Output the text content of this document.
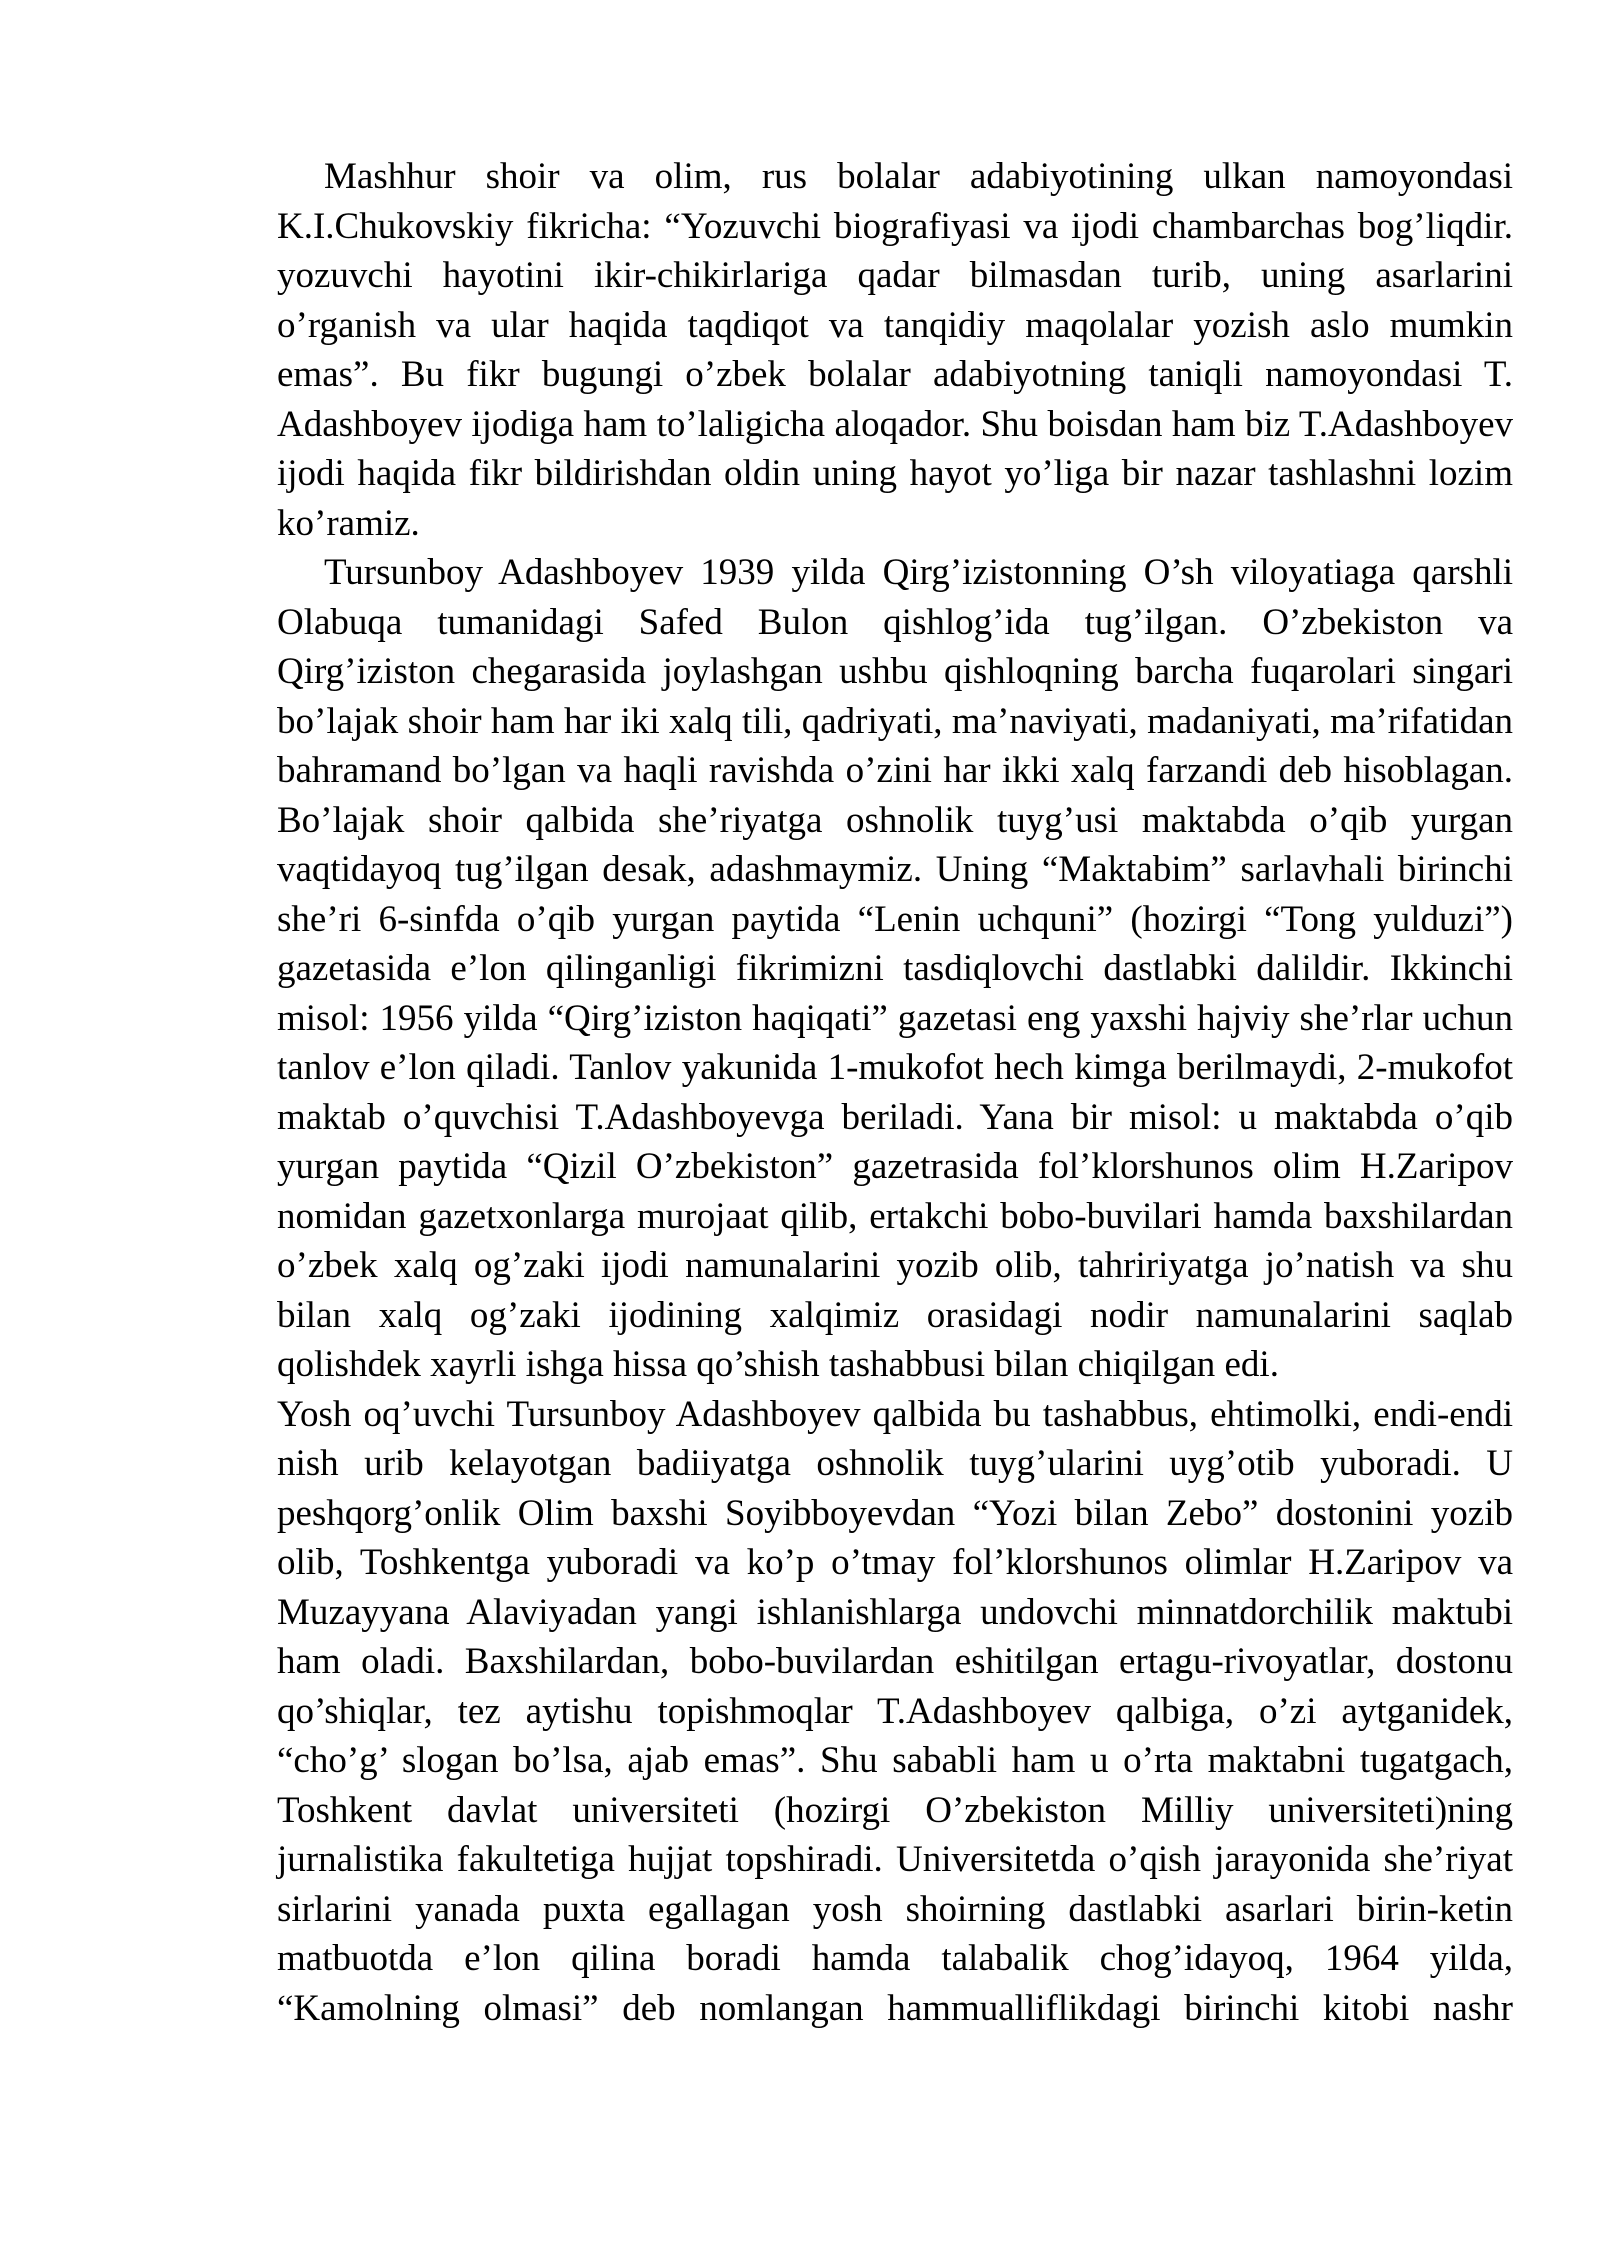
Mashhur shoir va olim, rus bolalar adabiyotining ulkan namoyondasi K.I.Chukovskiy fikricha: “Yozuvchi biografiyasi va ijodi chambarchas bog’liqdir. yozuvchi hayotini ikir-chikirlariga qadar bilmasdan turib, uning asarlarini o’rganish va ular haqida taqdiqot va tanqidiy maqolalar yozish aslo mumkin emas”. Bu fikr bugungi o’zbek bolalar adabiyotning taniqli namoyondasi T. Adashboyev ijodiga ham to’laligicha aloqador. Shu boisdan ham biz T.Adashboyev ijodi haqida fikr bildirishdan oldin uning hayot yo’liga bir nazar tashlashni lozim ko’ramiz.

Tursunboy Adashboyev 1939 yilda Qirg’izistonning O’sh viloyatiaga qarshli Olabuqa tumanidagi Safed Bulon qishlog’ida tug’ilgan. O’zbekiston va Qirg’iziston chegarasida joylashgan ushbu qishloqning barcha fuqarolari singari bo’lajak shoir ham har iki xalq tili, qadriyati, ma’naviyati, madaniyati, ma’rifatidan bahramand bo’lgan va haqli ravishda o’zini har ikki xalq farzandi deb hisoblagan. Bo’lajak shoir qalbida she’riyatga oshnolik tuyg’usi maktabda o’qib yurgan vaqtidayoq tug’ilgan desak, adashmaymiz. Uning “Maktabim” sarlavhali birinchi she’ri 6-sinfda o’qib yurgan paytida “Lenin uchquni” (hozirgi “Tong yulduzi”) gazetasida e’lon qilinganligi fikrimizni tasdiqlovchi dastlabki dalildir. Ikkinchi misol: 1956 yilda “Qirg’iziston haqiqati” gazetasi eng yaxshi hajviy she’rlar uchun tanlov e’lon qiladi. Tanlov yakunida 1-mukofot hech kimga berilmaydi, 2-mukofot maktab o’quvchisi T.Adashboyevga beriladi. Yana bir misol: u maktabda o’qib yurgan paytida “Qizil O’zbekiston” gazetrasida fol’klorshunos olim H.Zaripov nomidan gazetxonlarga murojaat qilib, ertakchi bobo-buvilari hamda baxshilardan o’zbek xalq og’zaki ijodi namunalarini yozib olib, tahririyatga jo’natish va shu bilan xalq og’zaki ijodining xalqimiz orasidagi nodir namunalarini saqlab qolishdek xayrli ishga hissa qo’shish tashabbusi bilan chiqilgan edi.

Yosh oq’uvchi Tursunboy Adashboyev qalbida bu tashabbus, ehtimolki, endi-endi nish urib kelayotgan badiiyatga oshnolik tuyg’ularini uyg’otib yuboradi. U peshqorg’onlik Olim baxshi Soyibboyevdan “Yozi bilan Zebo” dostonini yozib olib, Toshkentga yuboradi va ko’p o’tmay fol’klorshunos olimlar H.Zaripov va Muzayyana Alaviyadan yangi ishlanishlarga undovchi minnatdorchilik maktubi ham oladi. Baxshilardan, bobo-buvilardan eshitilgan ertagu-rivoyatlar, dostonu qo’shiqlar, tez aytishu topishmoqlar T.Adashboyev qalbiga, o’zi aytganidek, “cho’g’ slogan bo’lsa, ajab emas”. Shu sababli ham u o’rta maktabni tugatgach, Toshkent davlat universiteti (hozirgi O’zbekiston Milliy universiteti)ning jurnalistika fakultetiga hujjat topshiradi. Universitetda o’qish jarayonida she’riyat sirlarini yanada puxta egallagan yosh shoirning dastlabki asarlari birin-ketin matbuotda e’lon qilina boradi hamda talabalik chog’idayoq, 1964 yilda, “Kamolning olmasi” deb nomlangan hammualliflikdagi birinchi kitobi nashr
